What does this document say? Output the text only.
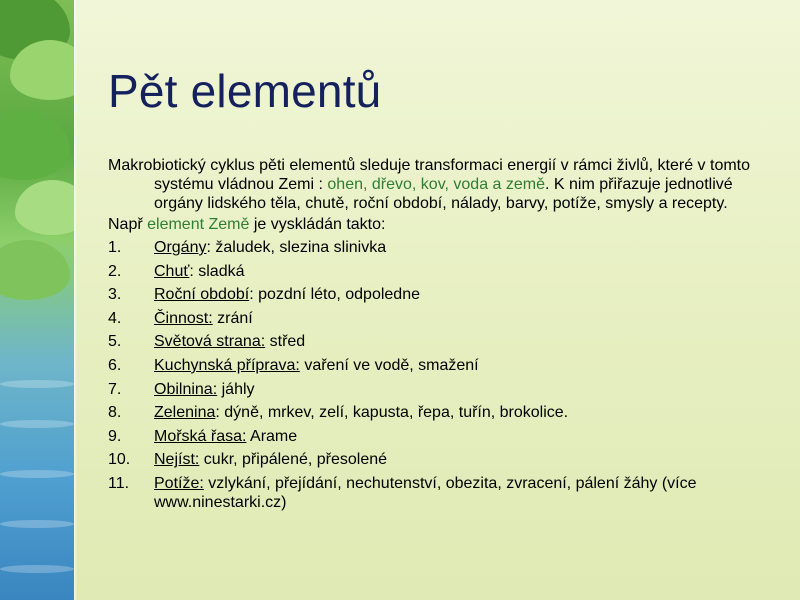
Pět elementů

Makrobiotický cyklus pěti elementů sleduje transformaci energií v rámci živlů, které v tomto systému vládnou Zemi : ohen, dřevo, kov, voda a země. K nim přiřazuje jednotlivé orgány lidského těla, chutě, roční období, nálady, barvy, potíže, smysly a recepty.

Např element Země je vyskládán takto:

1. Orgány: žaludek, slezina slinivka
2. Chuť: sladká
3. Roční období: pozdní léto, odpoledne
4. Činnost: zrání
5. Světová strana: střed
6. Kuchynská příprava: vaření ve vodě, smažení
7. Obilnina: jáhly
8. Zelenina: dýně, mrkev, zelí, kapusta, řepa, tuřín, brokolice.
9. Mořská řasa: Arame
10. Nejíst: cukr, připálené, přesolené
11. Potíže: vzlykání, přejídání, nechutenství, obezita, zvracení, pálení žáhy (více www.ninestarki.cz)
